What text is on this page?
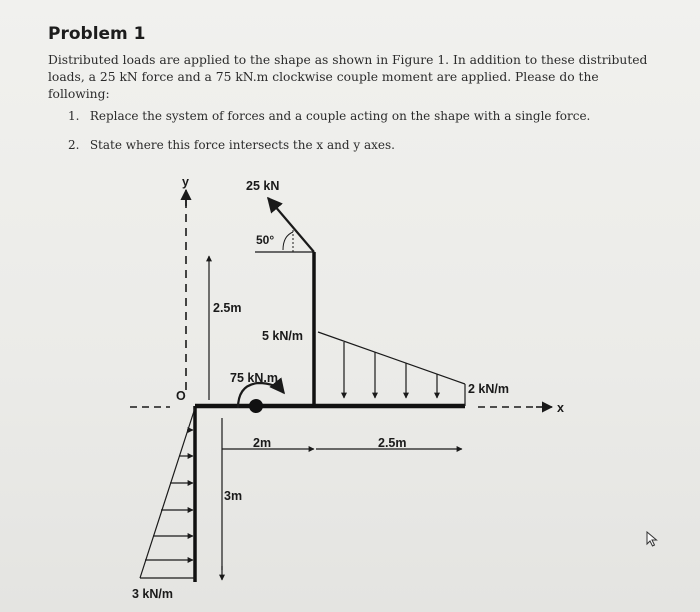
Problem 1

Distributed loads are applied to the shape as shown in Figure 1. In addition to these distributed loads, a 25 kN force and a 75 kN.m clockwise couple moment are applied. Please do the following:

1. Replace the system of forces and a couple acting on the shape with a single force.
2. State where this force intersects the x and y axes.
y
x
O
25 kN
50°
2.5m
5 kN/m
2 kN/m
75 kN.m
2m	2.5m
3m
3 kN/m
